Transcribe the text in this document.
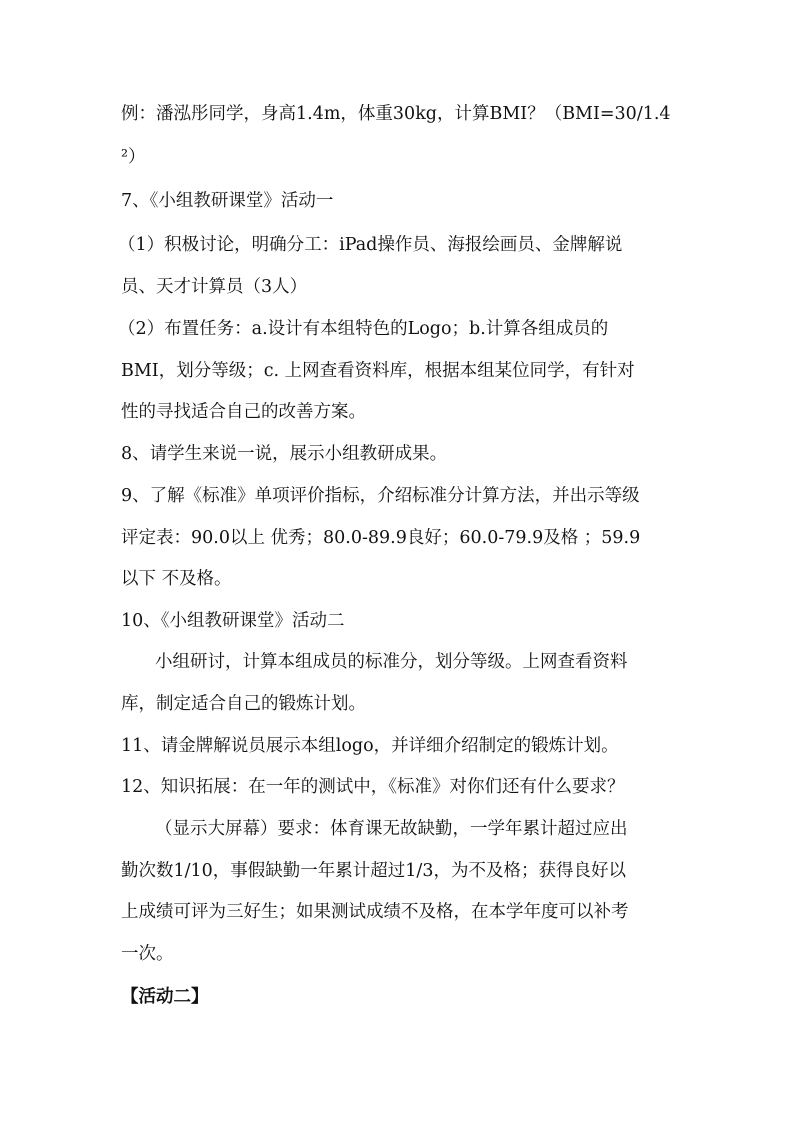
例：潘泓彤同学，身高1.4m，体重30kg，计算BMI？（BMI=30/1.4
²）
7、《小组教研课堂》活动一
（1）积极讨论，明确分工：iPad操作员、海报绘画员、金牌解说
员、天才计算员（3人）
（2）布置任务：a.设计有本组特色的Logo；b.计算各组成员的
BMI，划分等级；c. 上网查看资料库，根据本组某位同学，有针对
性的寻找适合自己的改善方案。
8、请学生来说一说，展示小组教研成果。
9、了解《标准》单项评价指标，介绍标准分计算方法，并出示等级
评定表：90.0以上 优秀；80.0-89.9良好；60.0-79.9及格 ；59.9
以下 不及格。
10、《小组教研课堂》活动二
小组研讨，计算本组成员的标准分，划分等级。上网查看资料
库，制定适合自己的锻炼计划。
11、请金牌解说员展示本组logo，并详细介绍制定的锻炼计划。
12、知识拓展：在一年的测试中，《标准》对你们还有什么要求？
（显示大屏幕）要求：体育课无故缺勤，一学年累计超过应出
勤次数1/10，事假缺勤一年累计超过1/3，为不及格；获得良好以
上成绩可评为三好生；如果测试成绩不及格，在本学年度可以补考
一次。
【活动二】
